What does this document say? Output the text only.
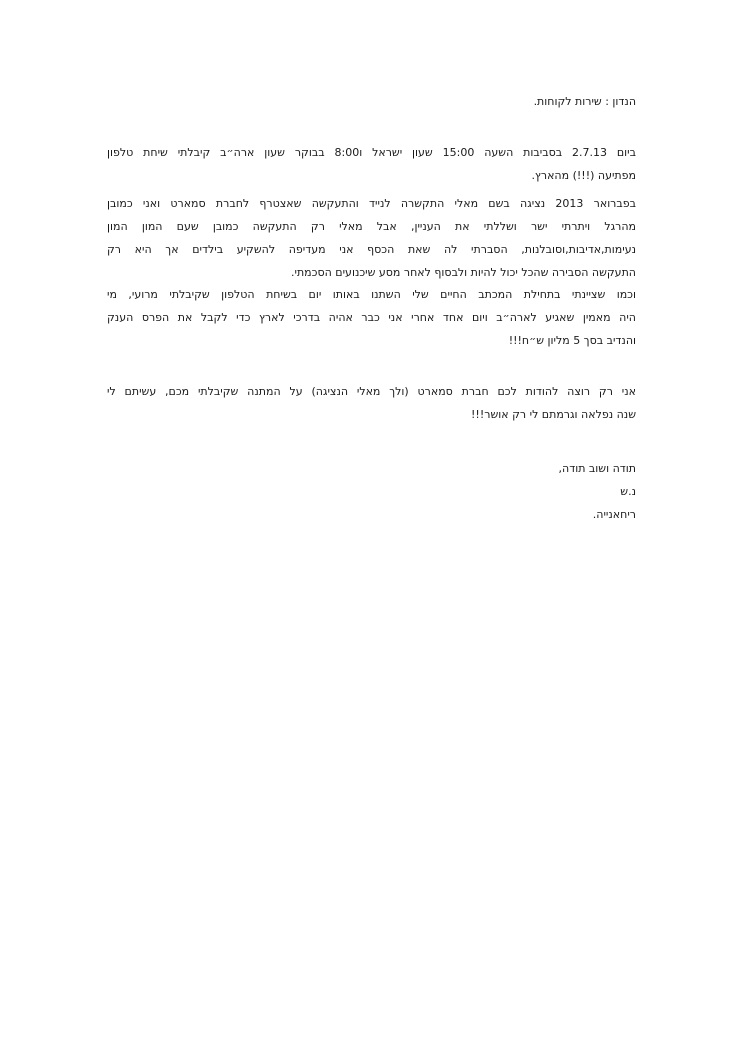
הנדון : שירות לקוחות.
ביום 2.7.13 בסביבות השעה 15:00 שעון ישראל ו8:00 בבוקר שעון ארה״ב קיבלתי שיחת טלפון
מפתיעה (!!!) מהארץ.
בפברואר 2013 נציגה בשם מאלי התקשרה לנייד והתעקשה שאצטרף לחברת סמארט ואני כמובן
מהרגל ויתרתי ישר ושללתי את העניין, אבל מאלי רק התעקשה כמובן שעם המון המון
נעימות,אדיבות,וסובלנות, הסברתי לה שאת הכסף אני מעדיפה להשקיע בילדים אך היא רק
התעקשה הסבירה שהכל יכול להיות ולבסוף לאחר מסע שיכנועים הסכמתי.
וכמו שציינתי בתחילת המכתב החיים שלי השתנו באותו יום בשיחת הטלפון שקיבלתי מרועי, מי
היה מאמין שאגיע לארה״ב ויום אחד אחרי אני כבר אהיה בדרכי לארץ כדי לקבל את הפרס הענק
והנדיב בסך 5 מליון ש״ח!!!
אני רק רוצה להודות לכם חברת סמארט (ולך מאלי הנציגה) על המתנה שקיבלתי מכם, עשיתם לי
שנה נפלאה וגרמתם לי רק אושר!!!
תודה ושוב תודה,
נ.ש
ריחאנייה.
